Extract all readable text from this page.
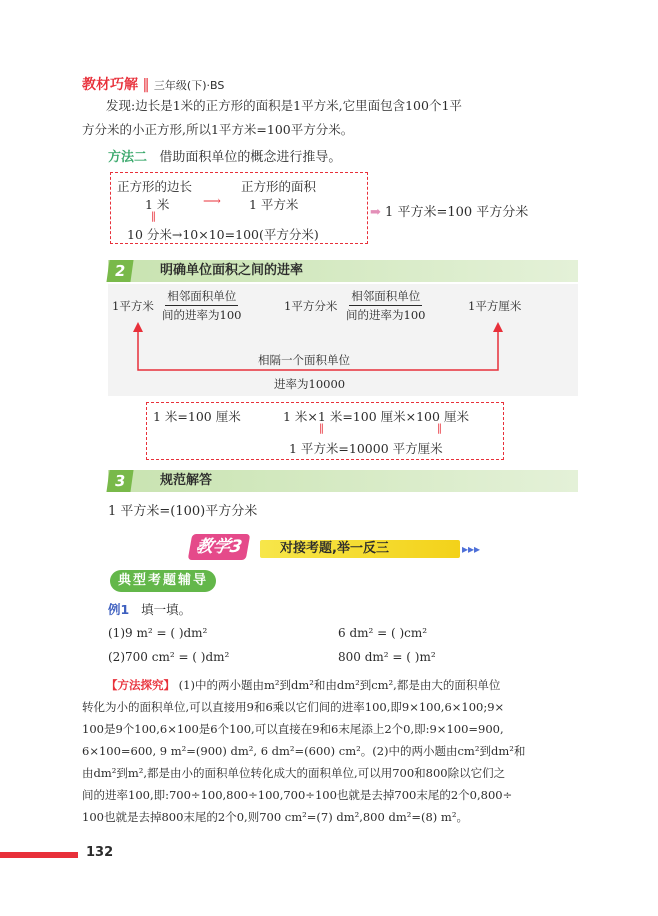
教材巧解 ‖ 三年级(下)·BS
发现:边长是1米的正方形的面积是1平方米,它里面包含100个1平
方分米的小正方形,所以1平方米=100平方分米。
方法二 借助面积单位的概念进行推导。
正方形的边长	正方形的面积
1 米	⟶ 1 平方米
‖
10 分米→10×10=100(平方分米)
➡ 1 平方米=100 平方分米
2	明确单位面积之间的进率
1平方米
相邻面积单位
间的进率为100
1平方分米
相邻面积单位
间的进率为100
1平方厘米
相隔一个面积单位
进率为10000
1 米=100 厘米	1 米×1 米=100 厘米×100 厘米
‖	‖
1 平方米=10000 平方厘米
3	规范解答
1 平方米=(100)平方分米
教学3	对接考题,举一反三	▸▸▸
典型考题辅导
例1 填一填。
(1)9 m² = ( )dm²	6 dm² = ( )cm²
(2)700 cm² = ( )dm²	800 dm² = ( )m²
【方法探究】 (1)中的两小题由m²到dm²和由dm²到cm²,都是由大的面积单位
转化为小的面积单位,可以直接用9和6乘以它们间的进率100,即9×100,6×100;9×
100是9个100,6×100是6个100,可以直接在9和6末尾添上2个0,即:9×100=900,
6×100=600, 9 m²=(900) dm², 6 dm²=(600) cm²。(2)中的两小题由cm²到dm²和
由dm²到m²,都是由小的面积单位转化成大的面积单位,可以用700和800除以它们之
间的进率100,即:700÷100,800÷100,700÷100也就是去掉700末尾的2个0,800÷
100也就是去掉800末尾的2个0,则700 cm²=(7) dm²,800 dm²=(8) m²。
132
